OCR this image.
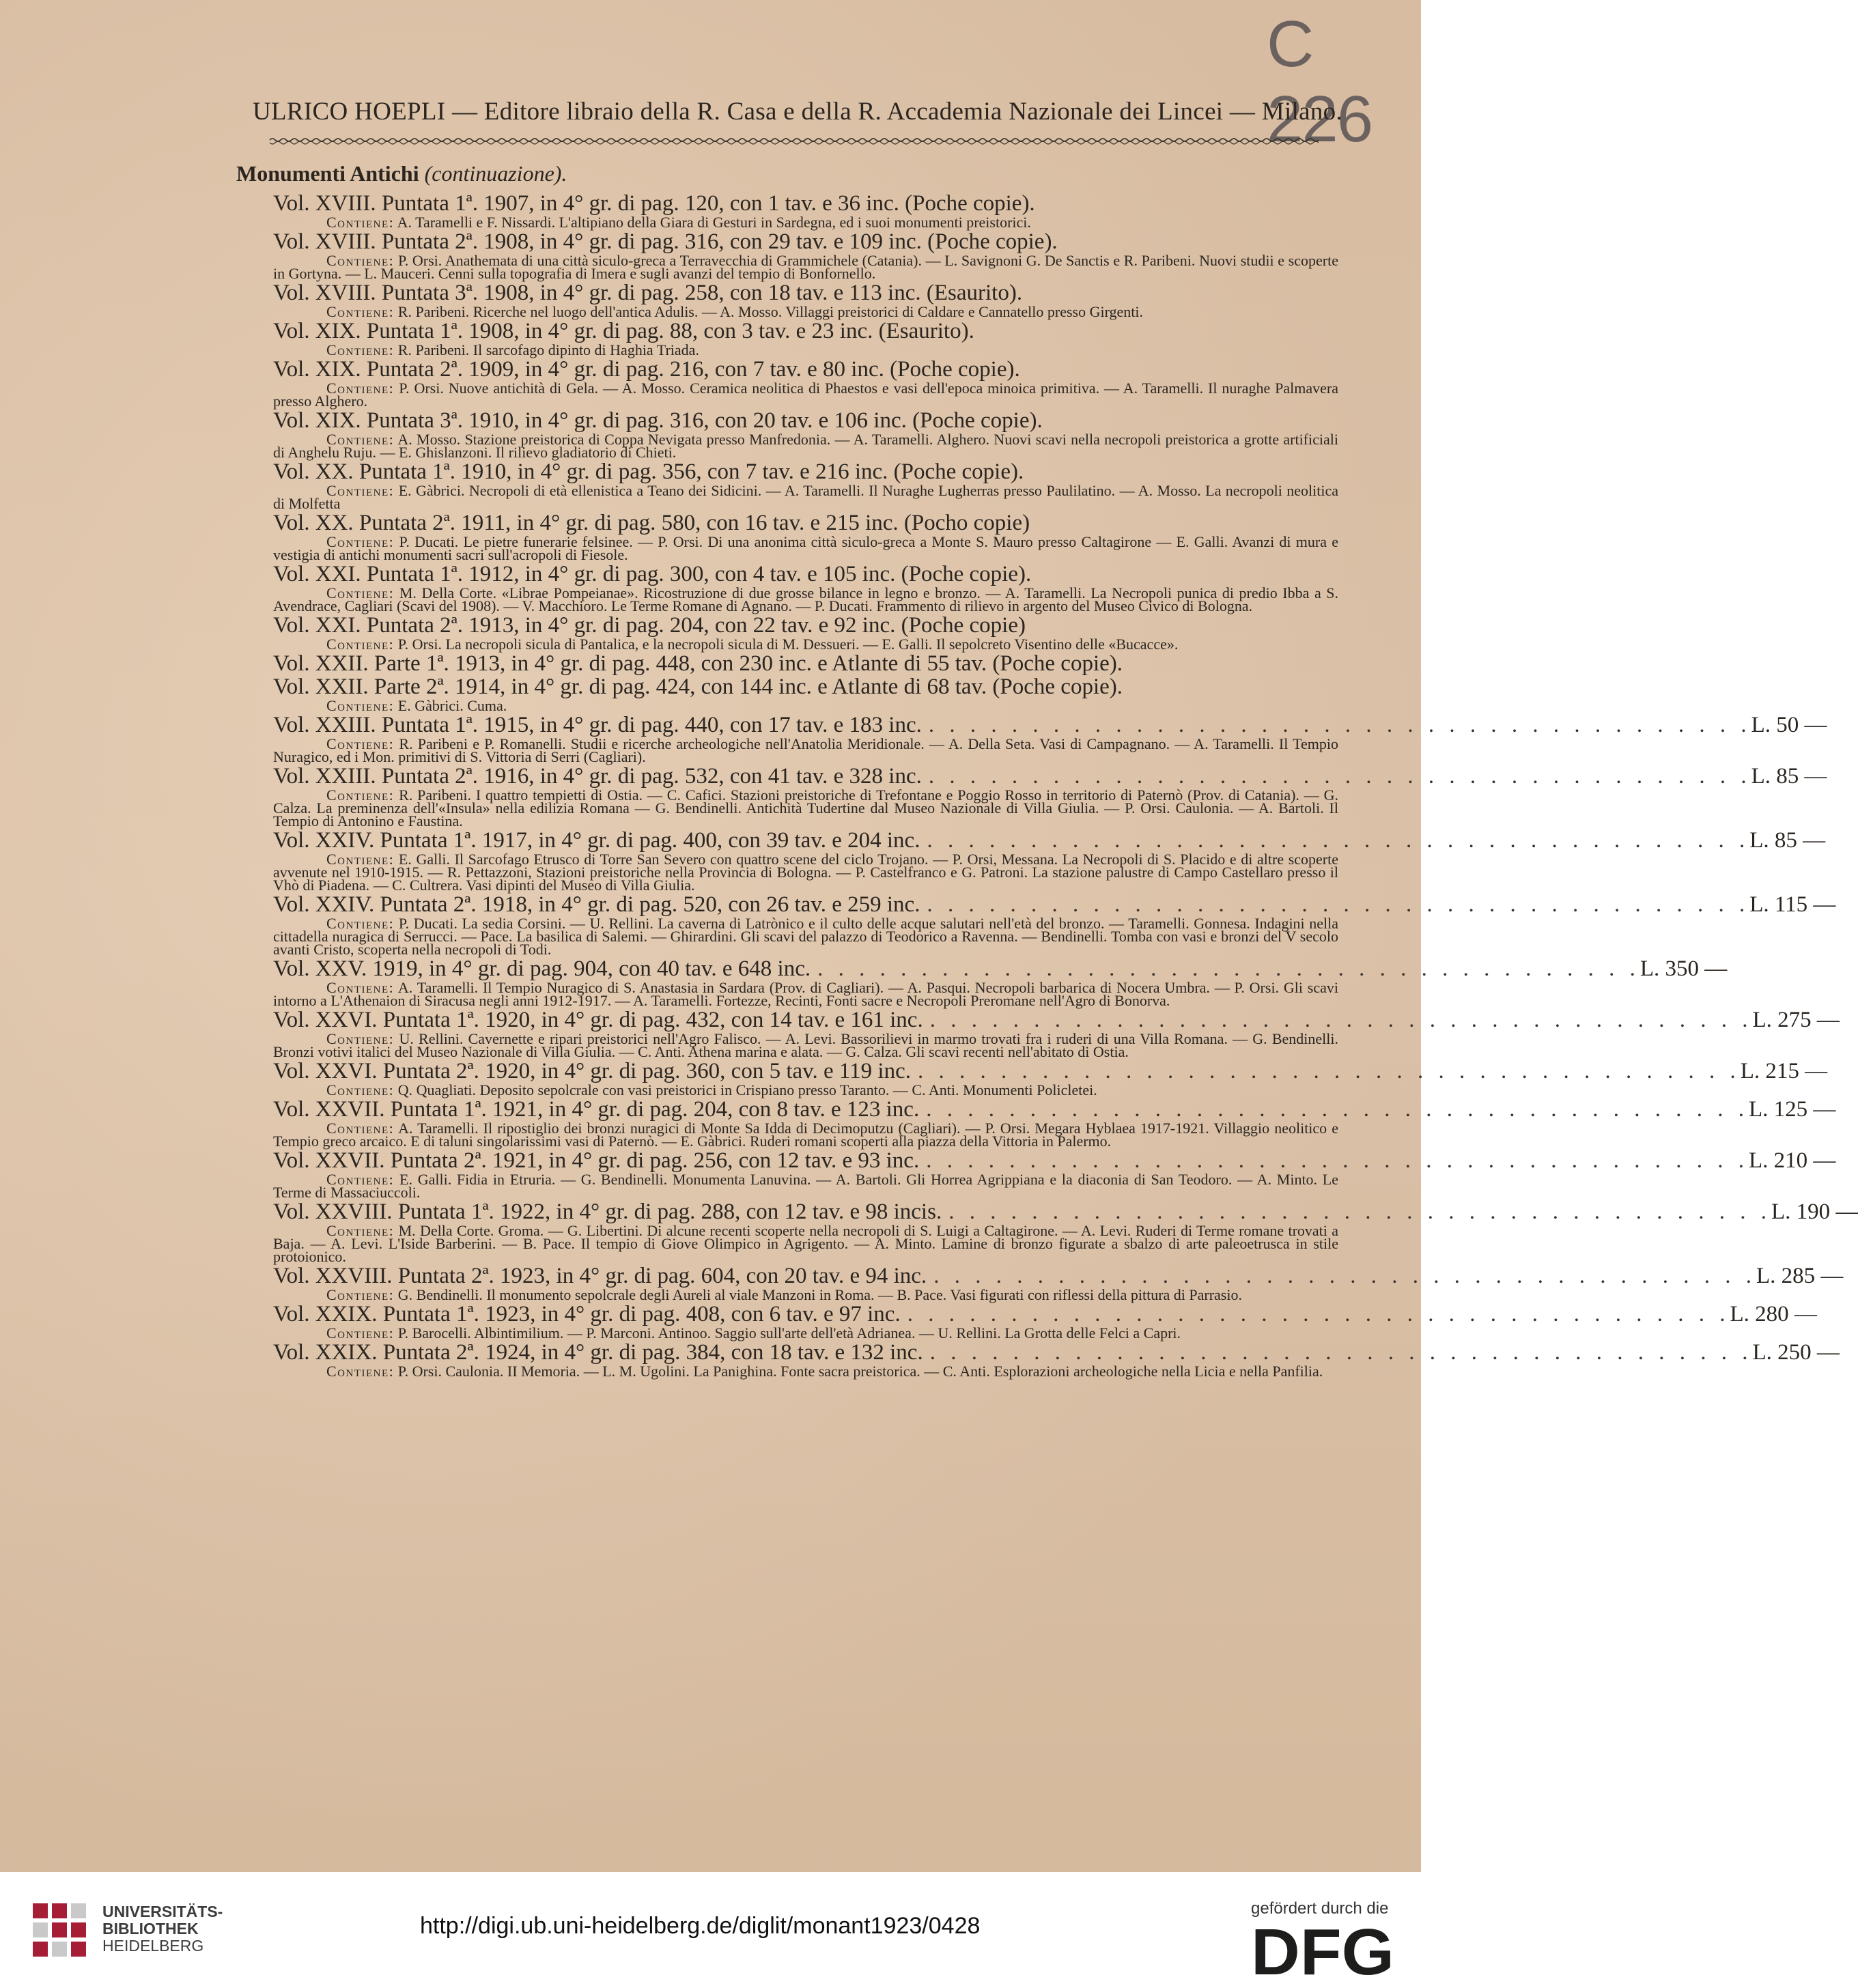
C 226
ULRICO HOEPLI — Editore libraio della R. Casa e della R. Accademia Nazionale dei Lincei — Milano.
Monumenti Antichi (continuazione).
Vol. XVIII. Puntata 1ª. 1907, in 4° gr. di pag. 120, con 1 tav. e 36 inc. (Poche copie).
Contiene: A. Taramelli e F. Nissardi. L'altipiano della Giara di Gesturi in Sardegna, ed i suoi monumenti preistorici.
Vol. XVIII. Puntata 2ª. 1908, in 4° gr. di pag. 316, con 29 tav. e 109 inc. (Poche copie).
Contiene: P. Orsi. Anathemata di una città siculo-greca a Terravecchia di Grammichele (Catania). — L. Savignoni G. De Sanctis e R. Paribeni. Nuovi studii e scoperte in Gortyna. — L. Mauceri. Cenni sulla topografia di Imera e sugli avanzi del tempio di Bonfornello.
Vol. XVIII. Puntata 3ª. 1908, in 4° gr. di pag. 258, con 18 tav. e 113 inc. (Esaurito).
Contiene: R. Paribeni. Ricerche nel luogo dell'antica Adulis. — A. Mosso. Villaggi preistorici di Caldare e Cannatello presso Girgenti.
Vol. XIX. Puntata 1ª. 1908, in 4° gr. di pag. 88, con 3 tav. e 23 inc. (Esaurito).
Contiene: R. Paribeni. Il sarcofago dipinto di Haghia Triada.
Vol. XIX. Puntata 2ª. 1909, in 4° gr. di pag. 216, con 7 tav. e 80 inc. (Poche copie).
Contiene: P. Orsi. Nuove antichità di Gela. — A. Mosso. Ceramica neolitica di Phaestos e vasi dell'epoca minoica primitiva. — A. Taramelli. Il nuraghe Palmavera presso Alghero.
Vol. XIX. Puntata 3ª. 1910, in 4° gr. di pag. 316, con 20 tav. e 106 inc. (Poche copie).
Contiene: A. Mosso. Stazione preistorica di Coppa Nevigata presso Manfredonia. — A. Taramelli. Alghero. Nuovi scavi nella necropoli preistorica a grotte artificiali di Anghelu Ruju. — E. Ghislanzoni. Il rilievo gladiatorio di Chieti.
Vol. XX. Puntata 1ª. 1910, in 4° gr. di pag. 356, con 7 tav. e 216 inc. (Poche copie).
Contiene: E. Gàbrici. Necropoli di età ellenistica a Teano dei Sidicini. — A. Taramelli. Il Nuraghe Lugherras presso Paulilatino. — A. Mosso. La necropoli neolitica di Molfetta
Vol. XX. Puntata 2ª. 1911, in 4° gr. di pag. 580, con 16 tav. e 215 inc. (Pocho copie)
Contiene: P. Ducati. Le pietre funerarie felsinee. — P. Orsi. Di una anonima città siculo-greca a Monte S. Mauro presso Caltagirone — E. Galli. Avanzi di mura e vestigia di antichi monumenti sacri sull'acropoli di Fiesole.
Vol. XXI. Puntata 1ª. 1912, in 4° gr. di pag. 300, con 4 tav. e 105 inc. (Poche copie).
Contiene: M. Della Corte. «Librae Pompeianae». Ricostruzione di due grosse bilance in legno e bronzo. — A. Taramelli. La Necropoli punica di predio Ibba a S. Avendrace, Cagliari (Scavi del 1908). — V. Macchioro. Le Terme Romane di Agnano. — P. Ducati. Frammento di rilievo in argento del Museo Civico di Bologna.
Vol. XXI. Puntata 2ª. 1913, in 4° gr. di pag. 204, con 22 tav. e 92 inc. (Poche copie)
Contiene: P. Orsi. La necropoli sicula di Pantalica, e la necropoli sicula di M. Dessueri. — E. Galli. Il sepolcreto Visentino delle «Bucacce».
Vol. XXII. Parte 1ª. 1913, in 4° gr. di pag. 448, con 230 inc. e Atlante di 55 tav. (Poche copie).
Vol. XXII. Parte 2ª. 1914, in 4° gr. di pag. 424, con 144 inc. e Atlante di 68 tav. (Poche copie).
Contiene: E. Gàbrici. Cuma.
Vol. XXIII. Puntata 1ª. 1915, in 4° gr. di pag. 440, con 17 tav. e 183 inc. . . . . . . . . . . . . . . . . . . . . . . . . . . . . . . . . . . . . . . . . L. 50 —
Contiene: R. Paribeni e P. Romanelli. Studii e ricerche archeologiche nell'Anatolia Meridionale. — A. Della Seta. Vasi di Campagnano. — A. Taramelli. Il Tempio Nuragico, ed i Mon. primitivi di S. Vittoria di Serri (Cagliari).
Vol. XXIII. Puntata 2ª. 1916, in 4° gr. di pag. 532, con 41 tav. e 328 inc. . . . . . . . . . . . . . . . . . . . . . . . . . . . . . . . . . . . . . . . . L. 85 —
Contiene: R. Paribeni. I quattro tempietti di Ostia. — C. Cafici. Stazioni preistoriche di Trefontane e Poggio Rosso in territorio di Paternò (Prov. di Catania). — G. Calza. La preminenza dell'«Insula» nella edilizia Romana — G. Bendinelli. Antichità Tudertine dal Museo Nazionale di Villa Giulia. — P. Orsi. Caulonia. — A. Bartoli. Il Tempio di Antonino e Faustina.
Vol. XXIV. Puntata 1ª. 1917, in 4° gr. di pag. 400, con 39 tav. e 204 inc. . . . . . . . . . . . . . . . . . . . . . . . . . . . . . . . . . . . . . . . . L. 85 —
Contiene: E. Galli. Il Sarcofago Etrusco di Torre San Severo con quattro scene del ciclo Trojano. — P. Orsi, Messana. La Necropoli di S. Placido e di altre scoperte avvenute nel 1910-1915. — R. Pettazzoni, Stazioni preistoriche nella Provincia di Bologna. — P. Castelfranco e G. Patroni. La stazione palustre di Campo Castellaro presso il Vhò di Piadena. — C. Cultrera. Vasi dipinti del Museo di Villa Giulia.
Vol. XXIV. Puntata 2ª. 1918, in 4° gr. di pag. 520, con 26 tav. e 259 inc. . . . . . . . . . . . . . . . . . . . . . . . . . . . . . . . . . . . . . . . . L. 115 —
Contiene: P. Ducati. La sedia Corsini. — U. Rellini. La caverna di Latrònico e il culto delle acque salutari nell'età del bronzo. — Taramelli. Gonnesa. Indagini nella cittadella nuragica di Serrucci. — Pace. La basilica di Salemi. — Ghirardini. Gli scavi del palazzo di Teodorico a Ravenna. — Bendinelli. Tomba con vasi e bronzi del V secolo avanti Cristo, scoperta nella necropoli di Todi.
Vol. XXV. 1919, in 4° gr. di pag. 904, con 40 tav. e 648 inc. . . . . . . . . . . . . . . . . . . . . . . . . . . . . . . . . . . . . . . . . L. 350 —
Contiene: A. Taramelli. Il Tempio Nuragico di S. Anastasia in Sardara (Prov. di Cagliari). — A. Pasqui. Necropoli barbarica di Nocera Umbra. — P. Orsi. Gli scavi intorno a L'Athenaion di Siracusa negli anni 1912-1917. — A. Taramelli. Fortezze, Recinti, Fonti sacre e Necropoli Preromane nell'Agro di Bonorva.
Vol. XXVI. Puntata 1ª. 1920, in 4° gr. di pag. 432, con 14 tav. e 161 inc. . . . . . . . . . . . . . . . . . . . . . . . . . . . . . . . . . . . . . . . . L. 275 —
Contiene: U. Rellini. Cavernette e ripari preistorici nell'Agro Falisco. — A. Levi. Bassorilievi in marmo trovati fra i ruderi di una Villa Romana. — G. Bendinelli. Bronzi votivi italici del Museo Nazionale di Villa Giulia. — C. Anti. Athena marina e alata. — G. Calza. Gli scavi recenti nell'abitato di Ostia.
Vol. XXVI. Puntata 2ª. 1920, in 4° gr. di pag. 360, con 5 tav. e 119 inc. . . . . . . . . . . . . . . . . . . . . . . . . . . . . . . . . . . . . . . . . L. 215 —
Contiene: Q. Quagliati. Deposito sepolcrale con vasi preistorici in Crispiano presso Taranto. — C. Anti. Monumenti Policletei.
Vol. XXVII. Puntata 1ª. 1921, in 4° gr. di pag. 204, con 8 tav. e 123 inc. . . . . . . . . . . . . . . . . . . . . . . . . . . . . . . . . . . . . . . . . L. 125 —
Contiene: A. Taramelli. Il ripostiglio dei bronzi nuragici di Monte Sa Idda di Decimoputzu (Cagliari). — P. Orsi. Megara Hyblaea 1917-1921. Villaggio neolitico e Tempio greco arcaico. E di taluni singolarissimi vasi di Paternò. — E. Gàbrici. Ruderi romani scoperti alla piazza della Vittoria in Palermo.
Vol. XXVII. Puntata 2ª. 1921, in 4° gr. di pag. 256, con 12 tav. e 93 inc. . . . . . . . . . . . . . . . . . . . . . . . . . . . . . . . . . . . . . . . . L. 210 —
Contiene: E. Galli. Fidia in Etruria. — G. Bendinelli. Monumenta Lanuvina. — A. Bartoli. Gli Horrea Agrippiana e la diaconia di San Teodoro. — A. Minto. Le Terme di Massaciuccoli.
Vol. XXVIII. Puntata 1ª. 1922, in 4° gr. di pag. 288, con 12 tav. e 98 incis. . . . . . . . . . . . . . . . . . . . . . . . . . . . . . . . . . . . . . . . . L. 190 —
Contiene: M. Della Corte. Groma. — G. Libertini. Di alcune recenti scoperte nella necropoli di S. Luigi a Caltagirone. — A. Levi. Ruderi di Terme romane trovati a Baja. — A. Levi. L'Iside Barberini. — B. Pace. Il tempio di Giove Olimpico in Agrigento. — A. Minto. Lamine di bronzo figurate a sbalzo di arte paleoetrusca in stile protoionico.
Vol. XXVIII. Puntata 2ª. 1923, in 4° gr. di pag. 604, con 20 tav. e 94 inc. . . . . . . . . . . . . . . . . . . . . . . . . . . . . . . . . . . . . . . . . L. 285 —
Contiene: G. Bendinelli. Il monumento sepolcrale degli Aureli al viale Manzoni in Roma. — B. Pace. Vasi figurati con riflessi della pittura di Parrasio.
Vol. XXIX. Puntata 1ª. 1923, in 4° gr. di pag. 408, con 6 tav. e 97 inc. . . . . . . . . . . . . . . . . . . . . . . . . . . . . . . . . . . . . . . . . L. 280 —
Contiene: P. Barocelli. Albintimilium. — P. Marconi. Antinoo. Saggio sull'arte dell'età Adrianea. — U. Rellini. La Grotta delle Felci a Capri.
Vol. XXIX. Puntata 2ª. 1924, in 4° gr. di pag. 384, con 18 tav. e 132 inc. . . . . . . . . . . . . . . . . . . . . . . . . . . . . . . . . . . . . . . . . L. 250 —
Contiene: P. Orsi. Caulonia. II Memoria. — L. M. Ugolini. La Panighina. Fonte sacra preistorica. — C. Anti. Esplorazioni archeologiche nella Licia e nella Panfilia.
UNIVERSITÄTS-
BIBLIOTHEK
HEIDELBERG
http://digi.ub.uni-heidelberg.de/diglit/monant1923/0428
gefördert durch die
DFG
